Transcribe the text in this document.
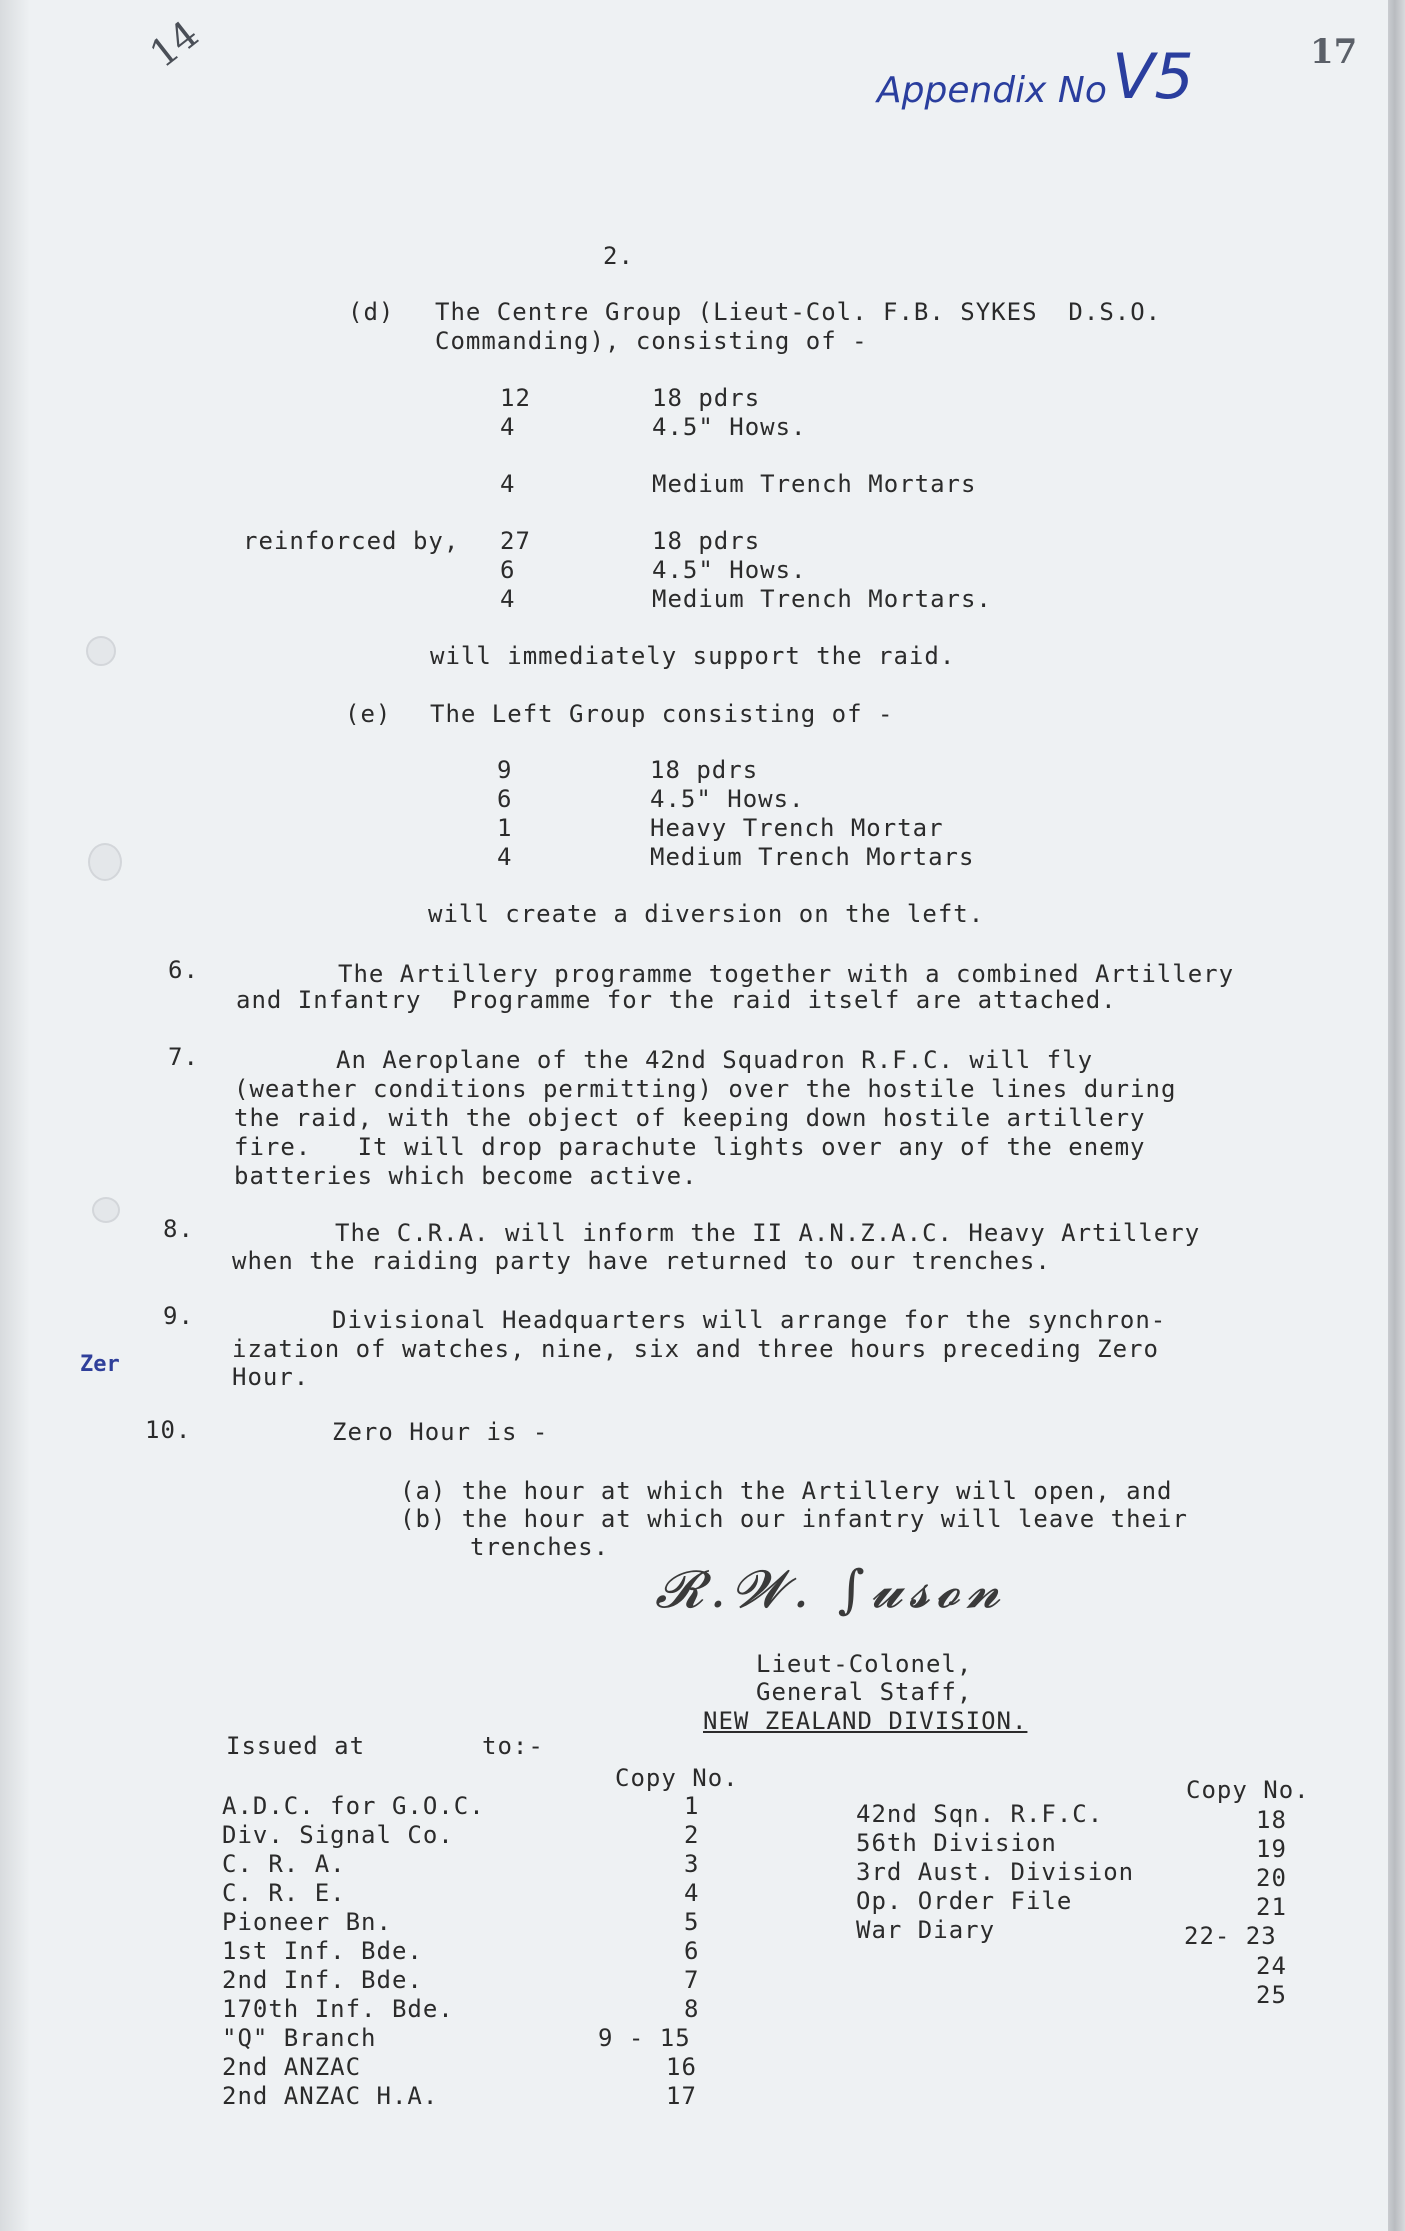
14	17
Appendix No V5
2.
(d) The Centre Group (Lieut-Col. F.B. SYKES  D.S.O.
Commanding), consisting of -
12	18 pdrs
4	4.5" Hows.
4	Medium Trench Mortars
reinforced by, 27	18 pdrs
6	4.5" Hows.
4	Medium Trench Mortars.
will immediately support the raid.
(e) The Left Group consisting of -
9	18 pdrs
6	4.5" Hows.
1	Heavy Trench Mortar
4	Medium Trench Mortars
will create a diversion on the left.
6.	The Artillery programme together with a combined Artillery
and Infantry  Programme for the raid itself are attached.
7.	An Aeroplane of the 42nd Squadron R.F.C. will fly
(weather conditions permitting) over the hostile lines during
the raid, with the object of keeping down hostile artillery
fire.   It will drop parachute lights over any of the enemy
batteries which become active.
8.	The C.R.A. will inform the II A.N.Z.A.C. Heavy Artillery
when the raiding party have returned to our trenches.
9.	Divisional Headquarters will arrange for the synchron-
ization of watches, nine, six and three hours preceding Zero
Hour.
Zer
10.	Zero Hour is -
(a) the hour at which the Artillery will open, and
(b) the hour at which our infantry will leave their
trenches.
𝓡.𝓦. ∫𝓾𝓼𝓸𝓷
Lieut-Colonel,
General Staff,
NEW ZEALAND DIVISION.
Issued at	to:-
Copy No.	Copy No.
A.D.C. for G.O.C.	1
Div. Signal Co.	2
C. R. A.	3
C. R. E.	4
Pioneer Bn.	5
1st Inf. Bde.	6
2nd Inf. Bde.	7
170th Inf. Bde.	8
"Q" Branch	9 - 15
2nd ANZAC	16
2nd ANZAC H.A.	17
42nd Sqn. R.F.C.	18
56th Division	19
3rd Aust. Division	20
Op. Order File	21
War Diary	22- 23
24
25
